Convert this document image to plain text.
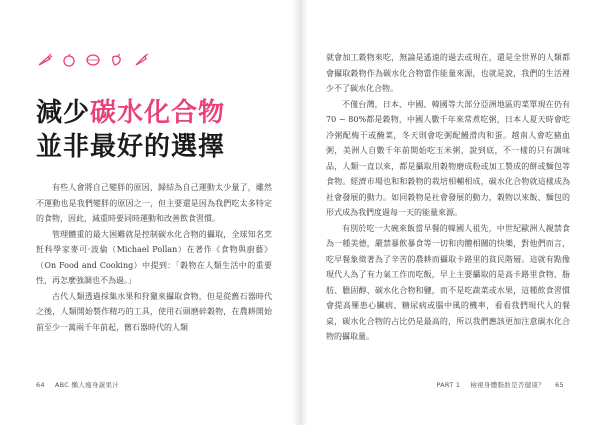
減少碳水化合物
並非最好的選擇

有些人會將自己變胖的原因，歸結為自己運動太少量了，雖然不運動也是我們變胖的原因之一，但主要還是因為我們吃太多特定的食物，因此，減重時要同時運動和改善飲食習慣。

管理體重的最大困難就是控制碳水化合物的攝取，全球知名烹飪科學家麥可·波倫（Michael Pollan）在著作《食物與廚藝》（On Food and Cooking）中提到：「穀物在人類生活中的重要性，再怎麼強調也不為過。」

古代人類透過採集水果和狩獵來攝取食物，但是從舊石器時代之後，人類開始製作精巧的工具，使用石頭磨碎穀物，在農耕開始前至少一萬兩千年前起，舊石器時代的人類

就會加工穀物來吃，無論是遙遠的過去或現在，還是全世界的人類都會攝取穀物作為碳水化合物當作能量來源，也就是說，我們的生活裡少不了碳水化合物。

不僅台灣，日本、中國、韓國等大部分亞洲地區的菜單現在仍有 70 ~ 80%都是穀物，中國人數千年來常煮吃粥，日本人夏天時會吃冷粥配梅干或醃菜，冬天則會吃粥配鰻滑肉和蛋。越南人會吃豬血粥，美洲人自數千年前開始吃玉米粥，說到底，不一樣的只有調味品，人類一直以來，都是攝取用穀物磨成粉或加工製成的餅或麵包等食物。經濟市場也和和穀物的栽培相輔相成，碳水化合物就這樣成為社會發展的動力。如同穀物是社會發展的動力，穀物以來飯、麵包的形式成為我們度過每一天的能量來源。

有別於吃一大碗來飯當早餐的韓國人祖先，中世紀歐洲人親禁食為一種美德，嚴禁暴飲暴食等一切和肉體相關的快樂，對他們而言，吃早餐象徵著為了辛苦的農耕而攝取卡路里的貧民階層。這就有點像現代人為了有力氣工作而吃飯，早上主要攝取的是高卡路里食物、脂肪、膽固醇、碳水化合物和鹽，而不是吃蔬菜或水果，這種飲食習慣會提高罹患心臟病、糖尿病或腦中風的機率，看看我們現代人的餐桌，碳水化合物的占比仍是最高的，所以我們應該更加注意碳水化合物的攝取量。

64 ABC 懶人瘦身蔬果汁	PART 1 檢視身體脂肪是否健康？ 65
